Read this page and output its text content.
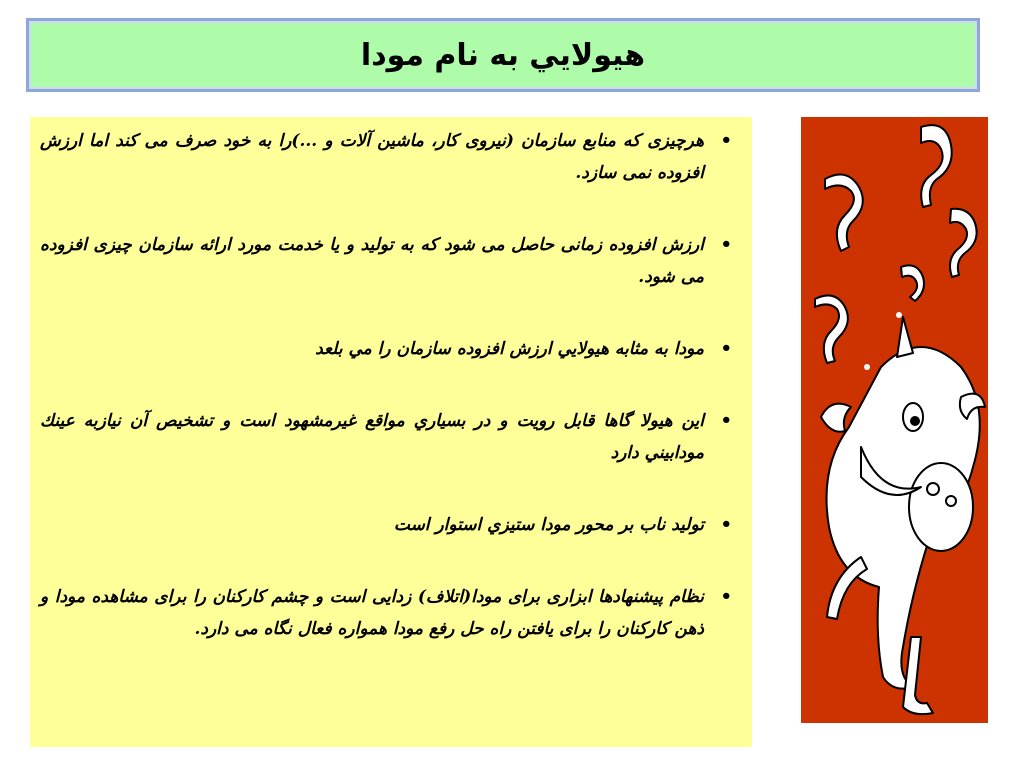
هيولايي به نام مودا
•
هرچیزی که منابع سازمان (نیروی کار، ماشین آلات و ...)را به خود صرف می کند اما ارزش افزوده نمی سازد.
•
ارزش افزوده زمانی حاصل می شود که به تولید و یا خدمت مورد ارائه سازمان چیزی افزوده می شود.
•
مودا به مثابه هيولايي ارزش افزوده سازمان را مي بلعد
•
اين هيولا گاها قابل رويت و در بسياري مواقع غيرمشهود است و تشخيص آن نيازبه عينك مودابيني دارد
•
توليد ناب بر محور مودا ستيزي استوار است
•
نظام پیشنهادها ابزاری برای مودا(اتلاف) زدایی است و چشم کارکنان را برای مشاهده مودا و ذهن کارکنان را برای یافتن راه حل رفع مودا همواره فعال نگاه می دارد.
